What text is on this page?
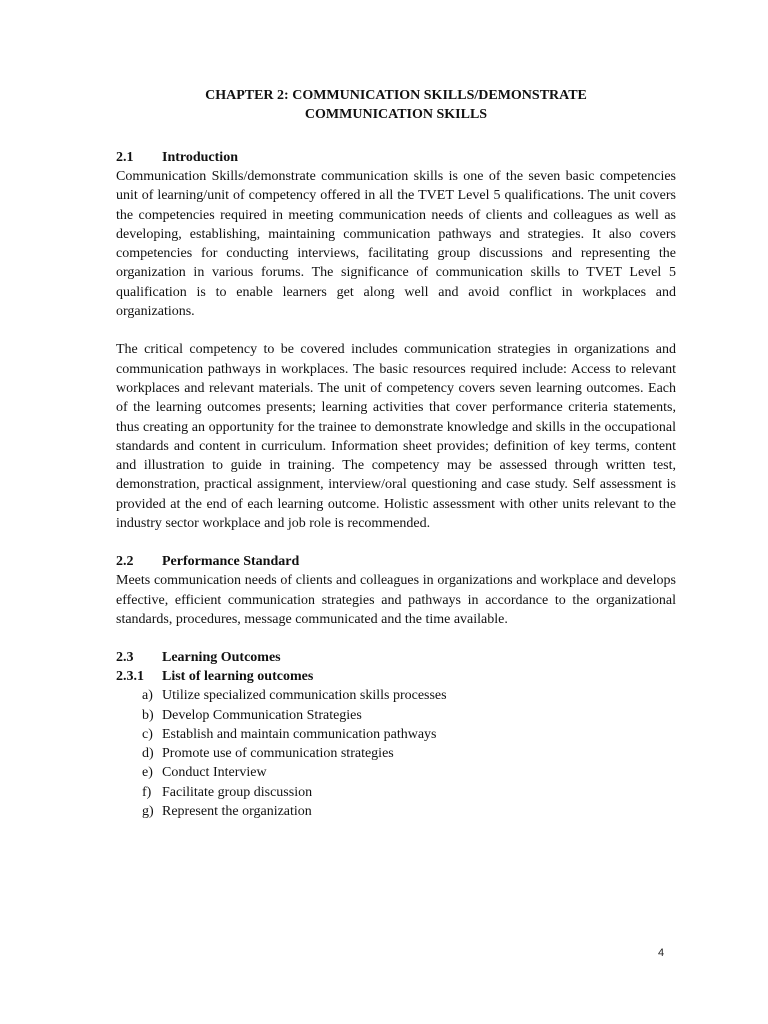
CHAPTER 2: COMMUNICATION SKILLS/DEMONSTRATE
COMMUNICATION SKILLS
2.1	Introduction

Communication Skills/demonstrate communication skills is one of the seven basic competencies unit of learning/unit of competency offered in all the TVET Level 5 qualifications. The unit covers the competencies required in meeting communication needs of clients and colleagues as well as developing, establishing, maintaining communication pathways and strategies. It also covers competencies for conducting interviews, facilitating group discussions and representing the organization in various forums. The significance of communication skills to TVET Level 5 qualification is to enable learners get along well and avoid conflict in workplaces and organizations.

The critical competency to be covered includes communication strategies in organizations and communication pathways in workplaces. The basic resources required include: Access to relevant workplaces and relevant materials. The unit of competency covers seven learning outcomes. Each of the learning outcomes presents; learning activities that cover performance criteria statements, thus creating an opportunity for the trainee to demonstrate knowledge and skills in the occupational standards and content in curriculum. Information sheet provides; definition of key terms, content and illustration to guide in training. The competency may be assessed through written test, demonstration, practical assignment, interview/oral questioning and case study. Self assessment is provided at the end of each learning outcome. Holistic assessment with other units relevant to the industry sector workplace and job role is recommended.

2.2	Performance Standard

Meets communication needs of clients and colleagues in organizations and workplace and develops effective, efficient communication strategies and pathways in accordance to the organizational standards, procedures, message communicated and the time available.

2.3	Learning Outcomes
2.3.1	List of learning outcomes
a) Utilize specialized communication skills processes
b) Develop Communication Strategies
c) Establish and maintain communication pathways
d) Promote use of communication strategies
e) Conduct Interview
f) Facilitate group discussion
g) Represent the organization
4
